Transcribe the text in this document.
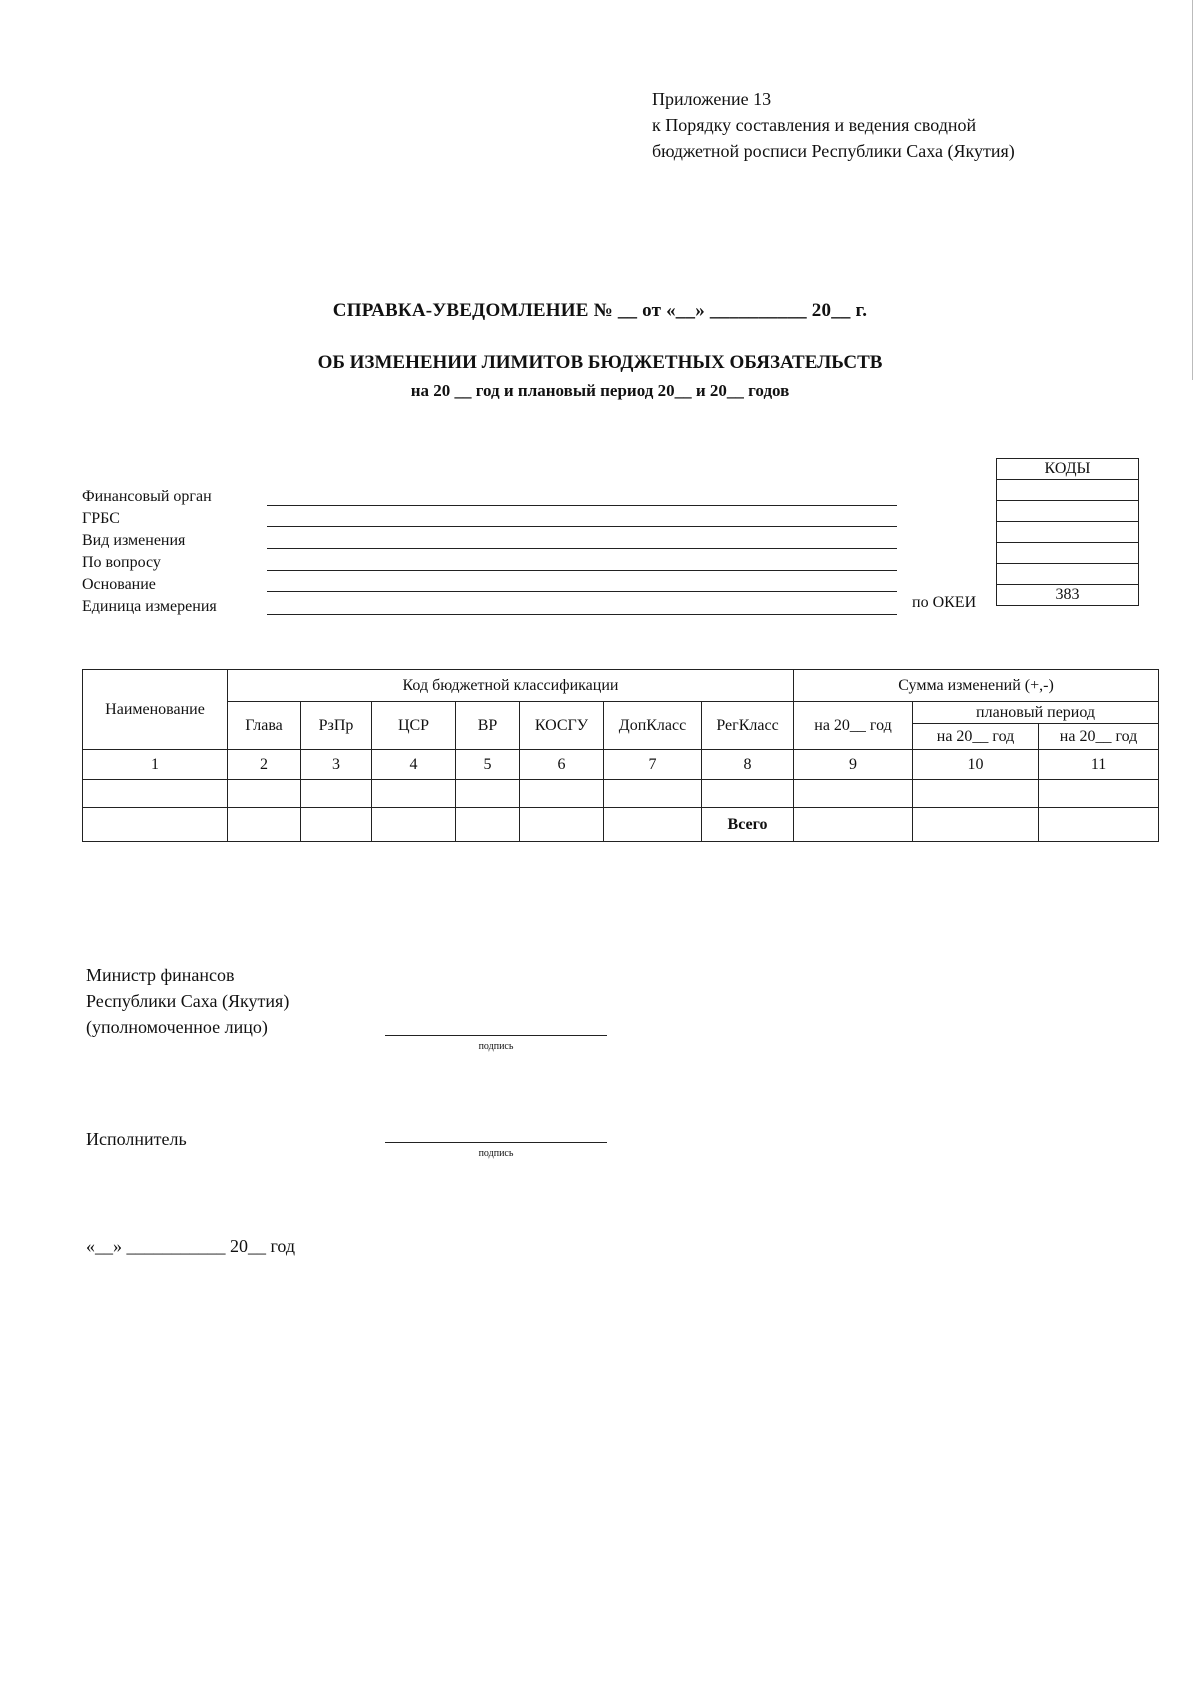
Приложение 13
к Порядку составления и ведения сводной
бюджетной росписи Республики Саха (Якутия)
СПРАВКА-УВЕДОМЛЕНИЕ № __ от «__» __________ 20__ г.
ОБ ИЗМЕНЕНИИ ЛИМИТОВ БЮДЖЕТНЫХ ОБЯЗАТЕЛЬСТВ
на 20 __ год и плановый период 20__ и 20__ годов
Финансовый орган
ГРБС
Вид изменения
По вопросу
Основание
Единица измерения	по ОКЕИ
КОДЫ

383
Наименование	Код бюджетной классификации							Сумма изменений (+,-)		
	Глава	РзПр	ЦСР	ВР	КОСГУ	ДопКласс	РегКласс	на 20__ год	плановый период	
									на 20__ год	на 20__ год
1	2	3	4	5	6	7	8	9	10	11

							Всего			
Министр финансов
Республики Саха (Якутия)
(уполномоченное лицо)
подпись
Исполнитель
подпись
«__» ___________ 20__ год
